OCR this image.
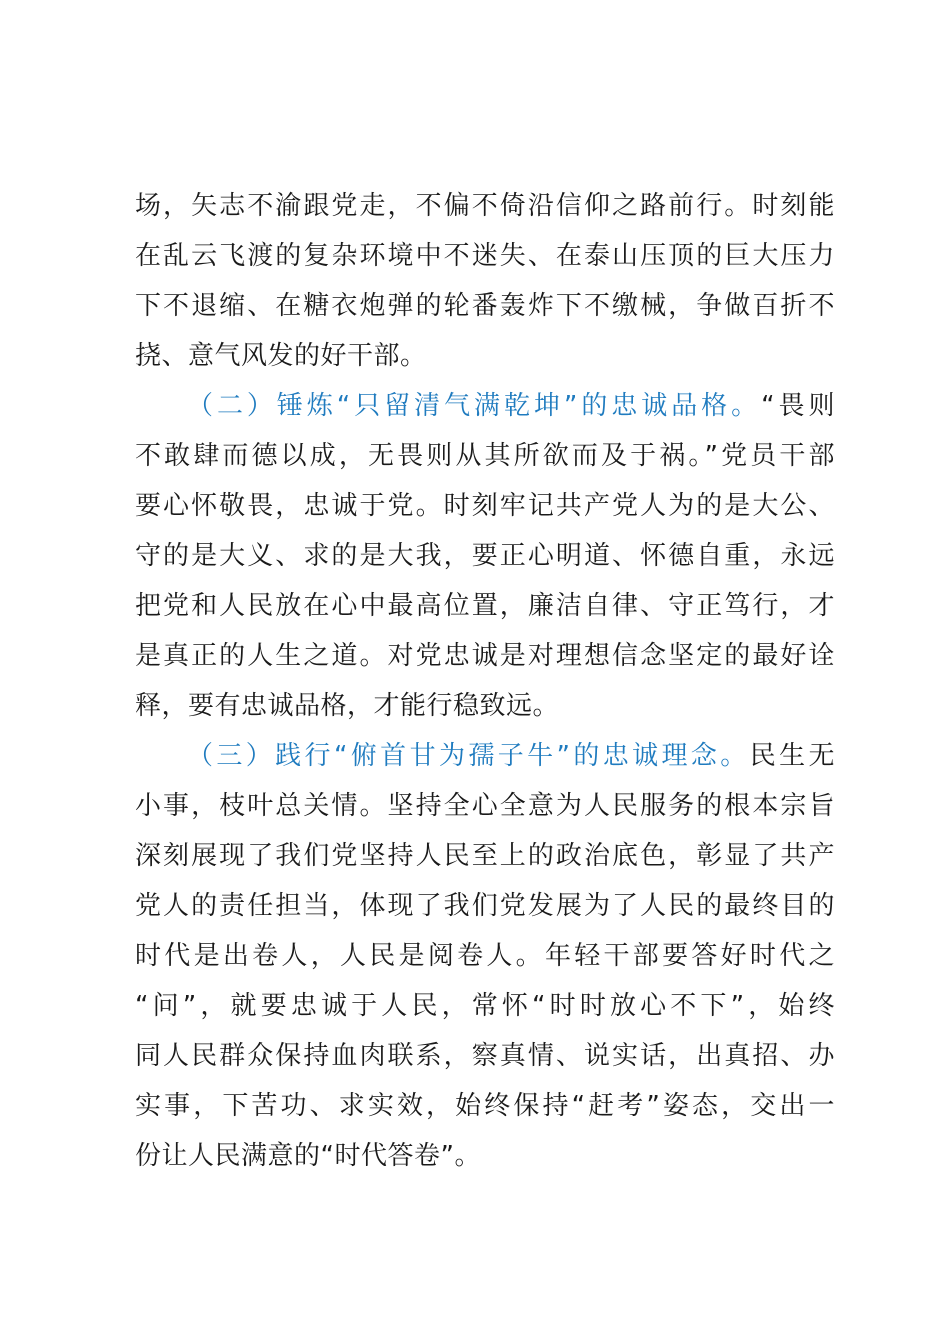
场，矢志不渝跟党走，不偏不倚沿信仰之路前行。时刻能
在乱云飞渡的复杂环境中不迷失、在泰山压顶的巨大压力
下不退缩、在糖衣炮弹的轮番轰炸下不缴械，争做百折不
挠、意气风发的好干部。
（二）锤炼“只留清气满乾坤”的忠诚品格。“畏则
不敢肆而德以成，无畏则从其所欲而及于祸。”党员干部
要心怀敬畏，忠诚于党。时刻牢记共产党人为的是大公、
守的是大义、求的是大我，要正心明道、怀德自重，永远
把党和人民放在心中最高位置，廉洁自律、守正笃行，才
是真正的人生之道。对党忠诚是对理想信念坚定的最好诠
释，要有忠诚品格，才能行稳致远。
（三）践行“俯首甘为孺子牛”的忠诚理念。民生无
小事，枝叶总关情。坚持全心全意为人民服务的根本宗旨
深刻展现了我们党坚持人民至上的政治底色，彰显了共产
党人的责任担当，体现了我们党发展为了人民的最终目的
时代是出卷人，人民是阅卷人。年轻干部要答好时代之
“问”，就要忠诚于人民，常怀“时时放心不下”，始终
同人民群众保持血肉联系，察真情、说实话，出真招、办
实事，下苦功、求实效，始终保持“赶考”姿态，交出一
份让人民满意的“时代答卷”。
